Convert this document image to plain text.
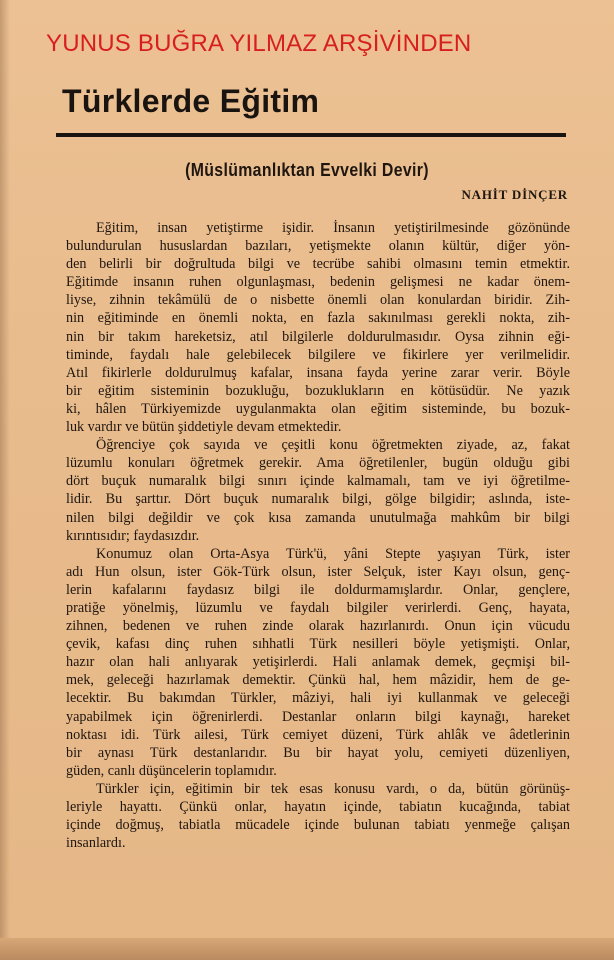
YUNUS BUĞRA YILMAZ ARŞİVİNDEN
Türklerde Eğitim
(Müslümanlıktan Evvelki Devir)
NAHİT DİNÇER
Eğitim, insan yetiştirme işidir. İnsanın yetiştirilmesinde gözönünde
bulundurulan hususlardan bazıları, yetişmekte olanın kültür, diğer yön-
den belirli bir doğrultuda bilgi ve tecrübe sahibi olmasını temin etmektir.
Eğitimde insanın ruhen olgunlaşması, bedenin gelişmesi ne kadar önem-
liyse, zihnin tekâmülü de o nisbette önemli olan konulardan biridir. Zih-
nin eğitiminde en önemli nokta, en fazla sakınılması gerekli nokta, zih-
nin bir takım hareketsiz, atıl bilgilerle doldurulmasıdır. Oysa zihnin eği-
timinde, faydalı hale gelebilecek bilgilere ve fikirlere yer verilmelidir.
Atıl fikirlerle doldurulmuş kafalar, insana fayda yerine zarar verir. Böyle
bir eğitim sisteminin bozukluğu, bozuklukların en kötüsüdür. Ne yazık
ki, hâlen Türkiyemizde uygulanmakta olan eğitim sisteminde, bu bozuk-
luk vardır ve bütün şiddetiyle devam etmektedir.
Öğrenciye çok sayıda ve çeşitli konu öğretmekten ziyade, az, fakat
lüzumlu konuları öğretmek gerekir. Ama öğretilenler, bugün olduğu gibi
dört buçuk numaralık bilgi sınırı içinde kalmamalı, tam ve iyi öğretilme-
lidir. Bu şarttır. Dört buçuk numaralık bilgi, gölge bilgidir; aslında, iste-
nilen bilgi değildir ve çok kısa zamanda unutulmağa mahkûm bir bilgi
kırıntısıdır; faydasızdır.
Konumuz olan Orta-Asya Türk'ü, yâni Stepte yaşıyan Türk, ister
adı Hun olsun, ister Gök-Türk olsun, ister Selçuk, ister Kayı olsun, genç-
lerin kafalarını faydasız bilgi ile doldurmamışlardır. Onlar, gençlere,
pratiğe yönelmiş, lüzumlu ve faydalı bilgiler verirlerdi. Genç, hayata,
zihnen, bedenen ve ruhen zinde olarak hazırlanırdı. Onun için vücudu
çevik, kafası dinç ruhen sıhhatli Türk nesilleri böyle yetişmişti. Onlar,
hazır olan hali anlıyarak yetişirlerdi. Hali anlamak demek, geçmişi bil-
mek, geleceği hazırlamak demektir. Çünkü hal, hem mâzidir, hem de ge-
lecektir. Bu bakımdan Türkler, mâziyi, hali iyi kullanmak ve geleceği
yapabilmek için öğrenirlerdi. Destanlar onların bilgi kaynağı, hareket
noktası idi. Türk ailesi, Türk cemiyet düzeni, Türk ahlâk ve âdetlerinin
bir aynası Türk destanlarıdır. Bu bir hayat yolu, cemiyeti düzenliyen,
güden, canlı düşüncelerin toplamıdır.
Türkler için, eğitimin bir tek esas konusu vardı, o da, bütün görünüş-
leriyle hayattı. Çünkü onlar, hayatın içinde, tabiatın kucağında, tabiat
içinde doğmuş, tabiatla mücadele içinde bulunan tabiatı yenmeğe çalışan
insanlardı.
